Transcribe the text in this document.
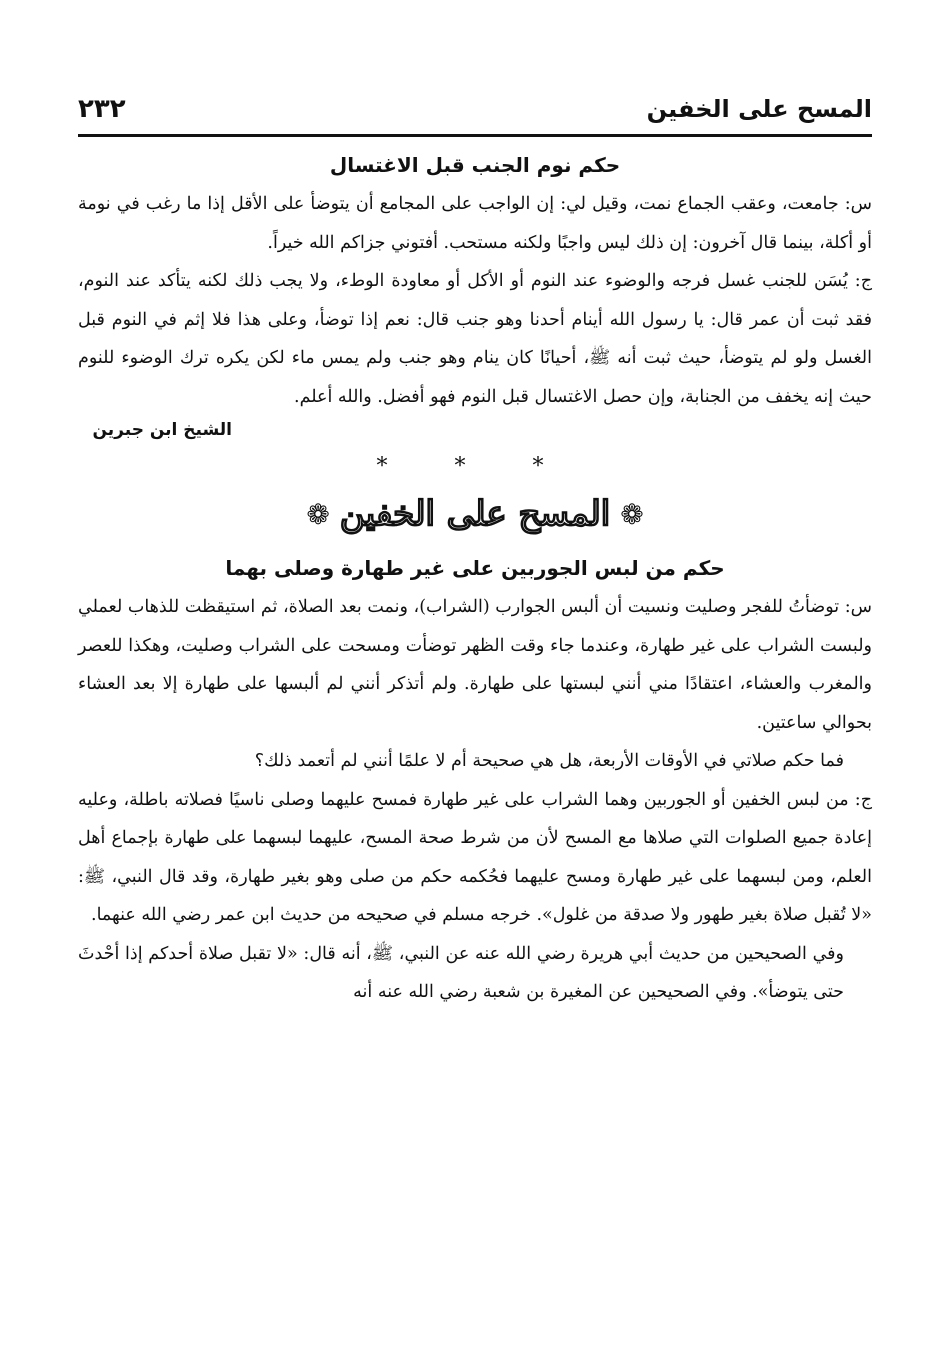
المسح على الخفين
٢٣٢
حكم نوم الجنب قبل الاغتسال

س: جامعت، وعقب الجماع نمت، وقيل لي: إن الواجب على المجامع أن يتوضأ على الأقل إذا ما رغب في نومة أو أكلة، بينما قال آخرون: إن ذلك ليس واجبًا ولكنه مستحب. أفتوني جزاكم الله خيراً.

ج: يُسَن للجنب غسل فرجه والوضوء عند النوم أو الأكل أو معاودة الوطء، ولا يجب ذلك لكنه يتأكد عند النوم، فقد ثبت أن عمر قال: يا رسول الله أينام أحدنا وهو جنب قال: نعم إذا توضأ، وعلى هذا فلا إثم في النوم قبل الغسل ولو لم يتوضأ، حيث ثبت أنه ﷺ، أحيانًا كان ينام وهو جنب ولم يمس ماء لكن يكره ترك الوضوء للنوم حيث إنه يخفف من الجنابة، وإن حصل الاغتسال قبل النوم فهو أفضل. والله أعلم.

الشيخ ابن جبرين
* * *
❁
المسح على الخفين
❁
حكم من لبس الجوربين على غير طهارة وصلى بهما

س: توضأتُ للفجر وصليت ونسيت أن ألبس الجوارب (الشراب)، ونمت بعد الصلاة، ثم استيقظت للذهاب لعملي ولبست الشراب على غير طهارة، وعندما جاء وقت الظهر توضأت ومسحت على الشراب وصليت، وهكذا للعصر والمغرب والعشاء، اعتقادًا مني أنني لبستها على طهارة. ولم أتذكر أنني لم ألبسها على طهارة إلا بعد العشاء بحوالي ساعتين.

فما حكم صلاتي في الأوقات الأربعة، هل هي صحيحة أم لا علمًا أنني لم أتعمد ذلك؟

ج: من لبس الخفين أو الجوربين وهما الشراب على غير طهارة فمسح عليهما وصلى ناسيًا فصلاته باطلة، وعليه إعادة جميع الصلوات التي صلاها مع المسح لأن من شرط صحة المسح، عليهما لبسهما على طهارة بإجماع أهل العلم، ومن لبسهما على غير طهارة ومسح عليهما فحُكمه حكم من صلى وهو بغير طهارة، وقد قال النبي، ﷺ: «لا تُقبل صلاة بغير طهور ولا صدقة من غلول». خرجه مسلم في صحيحه من حديث ابن عمر رضي الله عنهما.

وفي الصحيحين من حديث أبي هريرة رضي الله عنه عن النبي، ﷺ، أنه قال: «لا تقبل صلاة أحدكم إذا أحْدثَ حتى يتوضأ». وفي الصحيحين عن المغيرة بن شعبة رضي الله عنه أنه
